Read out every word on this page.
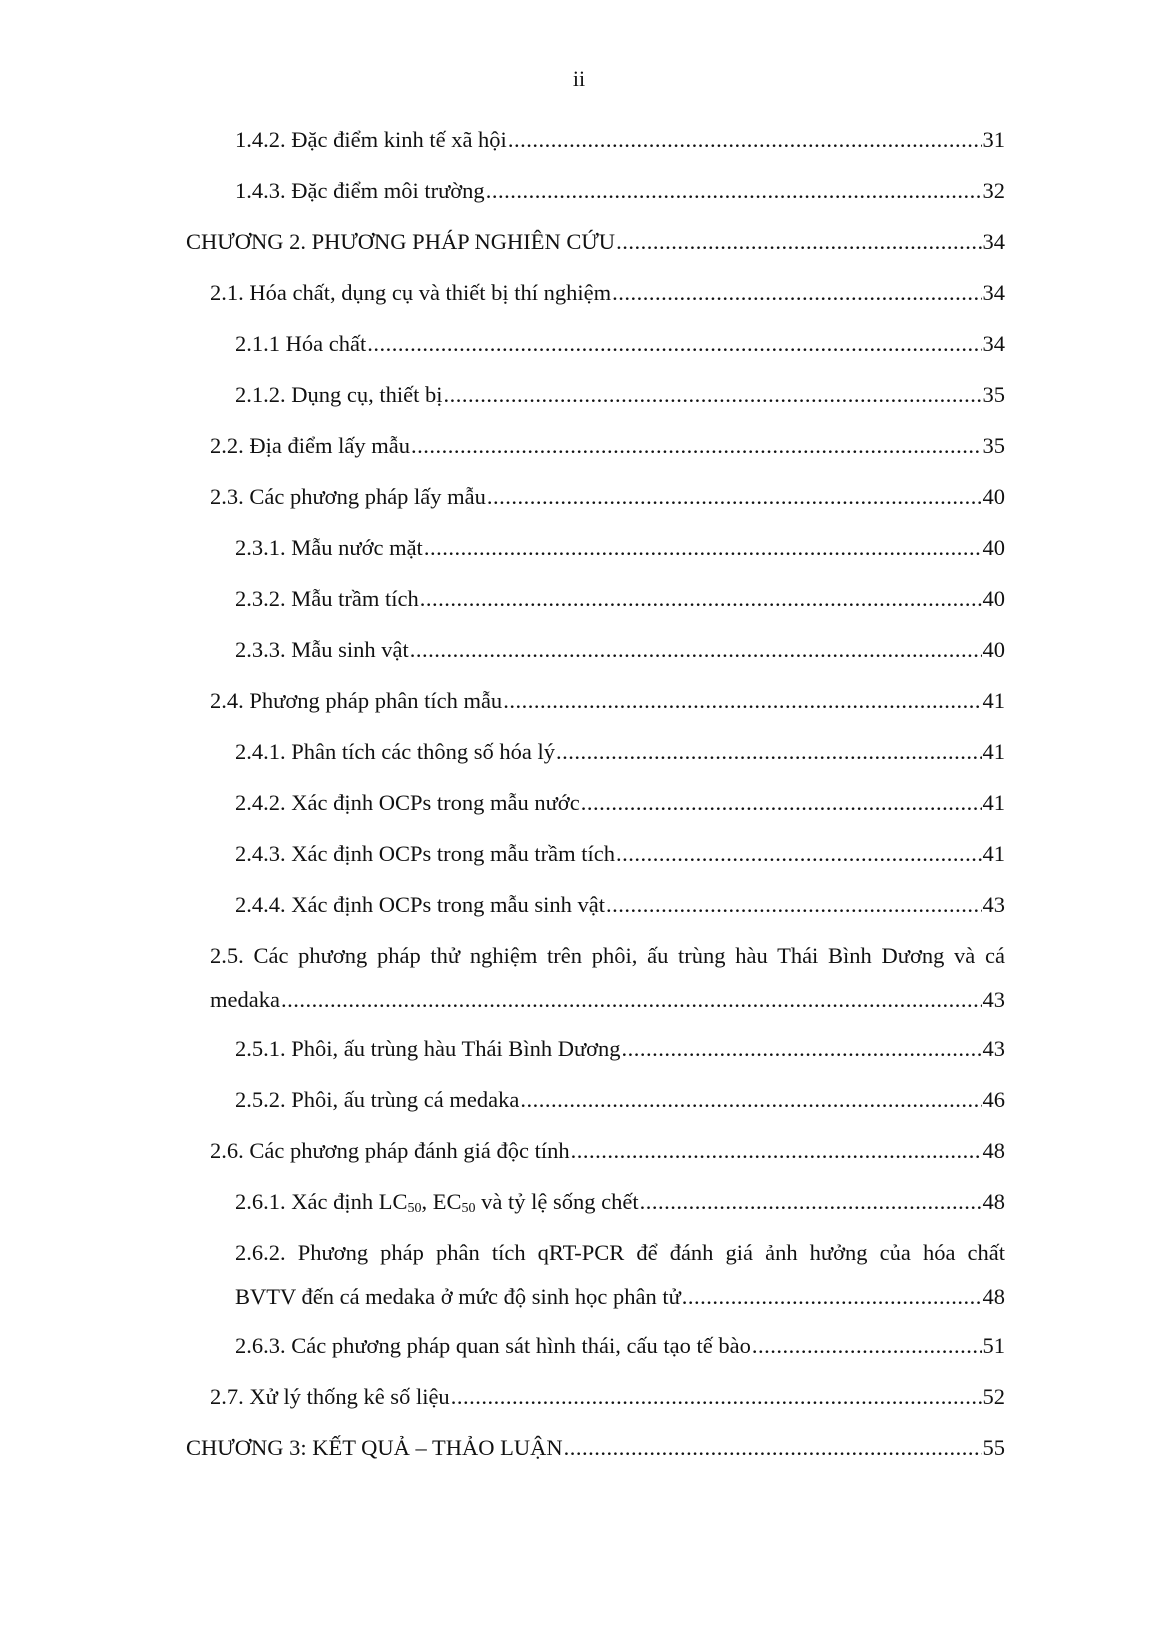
ii
1.4.2. Đặc điểm kinh tế xã hội .....	31
1.4.3. Đặc điểm môi trường .....	32
CHƯƠNG 2. PHƯƠNG PHÁP NGHIÊN CỨU .....	34
2.1. Hóa chất, dụng cụ và thiết bị thí nghiệm .....	34
2.1.1 Hóa chất .....	34
2.1.2. Dụng cụ, thiết bị .....	35
2.2. Địa điểm lấy mẫu .....	35
2.3. Các phương pháp lấy mẫu .....	40
2.3.1. Mẫu nước mặt .....	40
2.3.2. Mẫu trầm tích .....	40
2.3.3. Mẫu sinh vật .....	40
2.4. Phương pháp phân tích mẫu .....	41
2.4.1. Phân tích các thông số hóa lý .....	41
2.4.2. Xác định OCPs trong mẫu nước .....	41
2.4.3. Xác định OCPs trong mẫu trầm tích .....	41
2.4.4. Xác định OCPs trong mẫu sinh vật .....	43
2.5. Các phương pháp thử nghiệm trên phôi, ấu trùng hàu Thái Bình Dương và cá
medaka .....	43
2.5.1. Phôi, ấu trùng hàu Thái Bình Dương .....	43
2.5.2. Phôi, ấu trùng cá medaka .....	46
2.6. Các phương pháp đánh giá độc tính .....	48
2.6.1. Xác định $LC_{50}$, $EC_{50}$ và tỷ lệ sống chết .....	48
2.6.2. Phương pháp phân tích qRT-PCR để đánh giá ảnh hưởng của hóa chất
BVTV đến cá medaka ở mức độ sinh học phân tử .....	48
2.6.3. Các phương pháp quan sát hình thái, cấu tạo tế bào .....	51
2.7. Xử lý thống kê số liệu .....	52
CHƯƠNG 3: KẾT QUẢ – THẢO LUẬN .....	55
